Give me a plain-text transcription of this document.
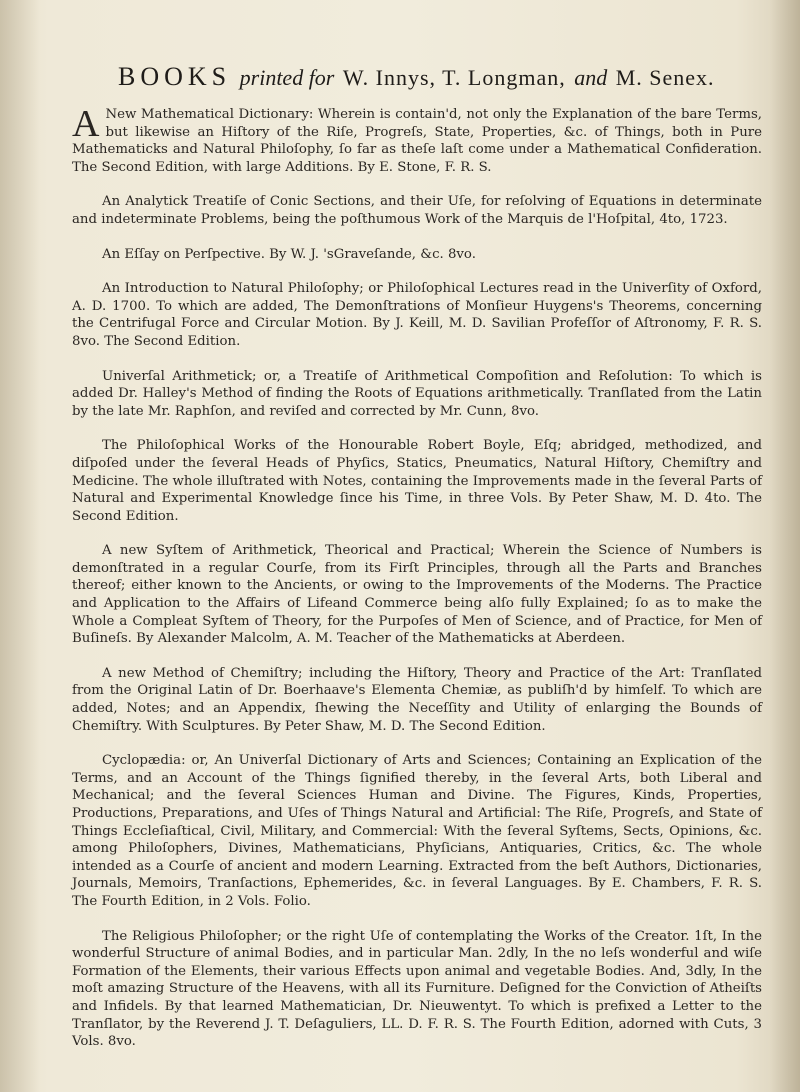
BOOKS printed for W. Innys, T. Longman, and M. Senex.

A New Mathematical Dictionary: Wherein is contain'd, not only the Explanation of the bare Terms, but likewise an Hiſtory of the Riſe, Progreſs, State, Properties, &c. of Things, both in Pure Mathematicks and Natural Philoſophy, ſo far as theſe laſt come under a Mathematical Confideration. The Second Edition, with large Additions. By E. Stone, F. R. S.

An Analytick Treatiſe of Conic Sections, and their Uſe, for reſolving of Equations in determinate and indeterminate Problems, being the poſthumous Work of the Marquis de l'Hoſpital, 4to, 1723.

An Eſſay on Perſpective. By W. J. 'sGraveſande, &c. 8vo.

An Introduction to Natural Philoſophy; or Philoſophical Lectures read in the Univerſity of Oxford, A. D. 1700. To which are added, The Demonſtrations of Monſieur Huygens's Theorems, concerning the Centrifugal Force and Circular Motion. By J. Keill, M. D. Savilian Profeſſor of Aſtronomy, F. R. S. 8vo. The Second Edition.

Univerſal Arithmetick; or, a Treatiſe of Arithmetical Compoſition and Reſolution: To which is added Dr. Halley's Method of finding the Roots of Equations arithmetically. Tranſlated from the Latin by the late Mr. Raphſon, and reviſed and corrected by Mr. Cunn, 8vo.

The Philoſophical Works of the Honourable Robert Boyle, Eſq; abridged, methodized, and diſpoſed under the ſeveral Heads of Phyſics, Statics, Pneumatics, Natural Hiſtory, Chemiſtry and Medicine. The whole illuſtrated with Notes, containing the Improvements made in the ſeveral Parts of Natural and Experimental Knowledge ſince his Time, in three Vols. By Peter Shaw, M. D. 4to. The Second Edition.

A new Syſtem of Arithmetick, Theorical and Practical; Wherein the Science of Numbers is demonſtrated in a regular Courſe, from its Firſt Principles, through all the Parts and Branches thereof; either known to the Ancients, or owing to the Improvements of the Moderns. The Practice and Application to the Affairs of Lifeand Commerce being alſo fully Explained; ſo as to make the Whole a Compleat Syſtem of Theory, for the Purpoſes of Men of Science, and of Practice, for Men of Buſineſs. By Alexander Malcolm, A. M. Teacher of the Mathematicks at Aberdeen.

A new Method of Chemiſtry; including the Hiſtory, Theory and Practice of the Art: Tranſlated from the Original Latin of Dr. Boerhaave's Elementa Chemiæ, as publiſh'd by himſelf. To which are added, Notes; and an Appendix, ſhewing the Neceſſity and Utility of enlarging the Bounds of Chemiſtry. With Sculptures. By Peter Shaw, M. D. The Second Edition.

Cyclopædia: or, An Univerſal Dictionary of Arts and Sciences; Containing an Explication of the Terms, and an Account of the Things ſignified thereby, in the ſeveral Arts, both Liberal and Mechanical; and the ſeveral Sciences Human and Divine. The Figures, Kinds, Properties, Productions, Preparations, and Uſes of Things Natural and Artificial: The Riſe, Progreſs, and State of Things Eccleſiaſtical, Civil, Military, and Commercial: With the ſeveral Syſtems, Sects, Opinions, &c. among Philoſophers, Divines, Mathematicians, Phyſicians, Antiquaries, Critics, &c. The whole intended as a Courſe of ancient and modern Learning. Extracted from the beſt Authors, Dictionaries, Journals, Memoirs, Tranſactions, Ephemerides, &c. in ſeveral Languages. By E. Chambers, F. R. S. The Fourth Edition, in 2 Vols. Folio.

The Religious Philoſopher; or the right Uſe of contemplating the Works of the Creator. 1ſt, In the wonderful Structure of animal Bodies, and in particular Man. 2dly, In the no leſs wonderful and wiſe Formation of the Elements, their various Effects upon animal and vegetable Bodies. And, 3dly, In the moſt amazing Structure of the Heavens, with all its Furniture. Deſigned for the Conviction of Atheiſts and Infidels. By that learned Mathematician, Dr. Nieuwentyt. To which is prefixed a Letter to the Tranſlator, by the Reverend J. T. Deſaguliers, LL. D. F. R. S. The Fourth Edition, adorned with Cuts, 3 Vols. 8vo.
